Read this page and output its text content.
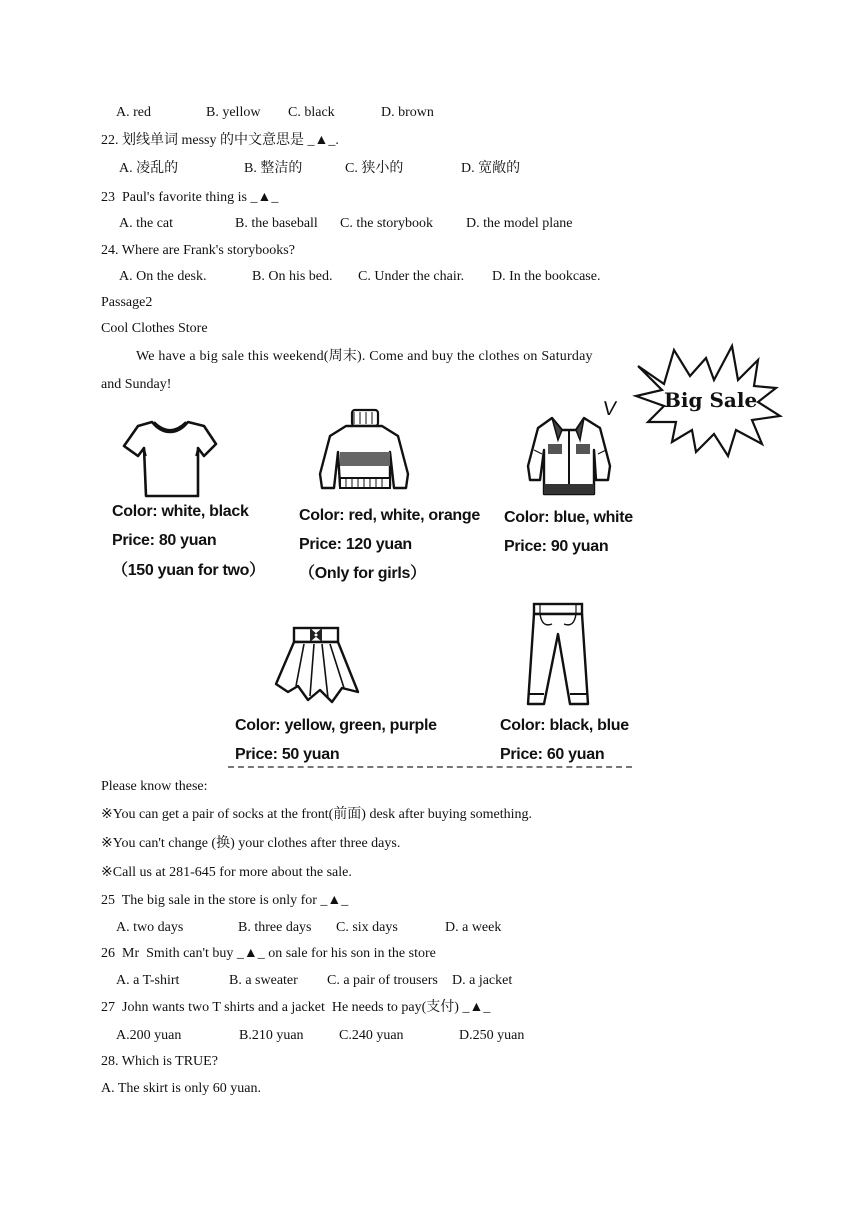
A. red	B. yellow C. black	D. brown
22. 划线单词 messy 的中文意思是 _▲_.
A. 凌乱的	B. 整洁的	C. 狭小的	D. 宽敞的
23  Paul's favorite thing is _▲_
A. the cat	B. the baseball C. the storybook D. the model plane
24. Where are Frank's storybooks?
A. On the desk.	B. On his bed. C. Under the chair. D. In the bookcase.
Passage2
Cool Clothes Store
We have a big sale this weekend(周末). Come and buy the clothes on Saturday
and Sunday!
Big Sale
V
Color: white, black
Price: 80 yuan
（150 yuan for two）
Color: red, white, orange
Price: 120 yuan
（Only for girls）
Color: blue, white
Price: 90 yuan
Color: yellow, green, purple
Price: 50 yuan
Color: black, blue
Price: 60 yuan
Please know these:
※You can get a pair of socks at the front(前面) desk after buying something.
※You can't change (换) your clothes after three days.
※Call us at 281-645 for more about the sale.
25  The big sale in the store is only for _▲_
A. two days	B. three days C. six days	D. a week
26  Mr  Smith can't buy _▲_ on sale for his son in the store
A. a T-shirt	B. a sweater C. a pair of trousers D. a jacket
27  John wants two T shirts and a jacket  He needs to pay(支付) _▲_
A.200 yuan	B.210 yuan	C.240 yuan	D.250 yuan
28. Which is TRUE?
A. The skirt is only 60 yuan.
